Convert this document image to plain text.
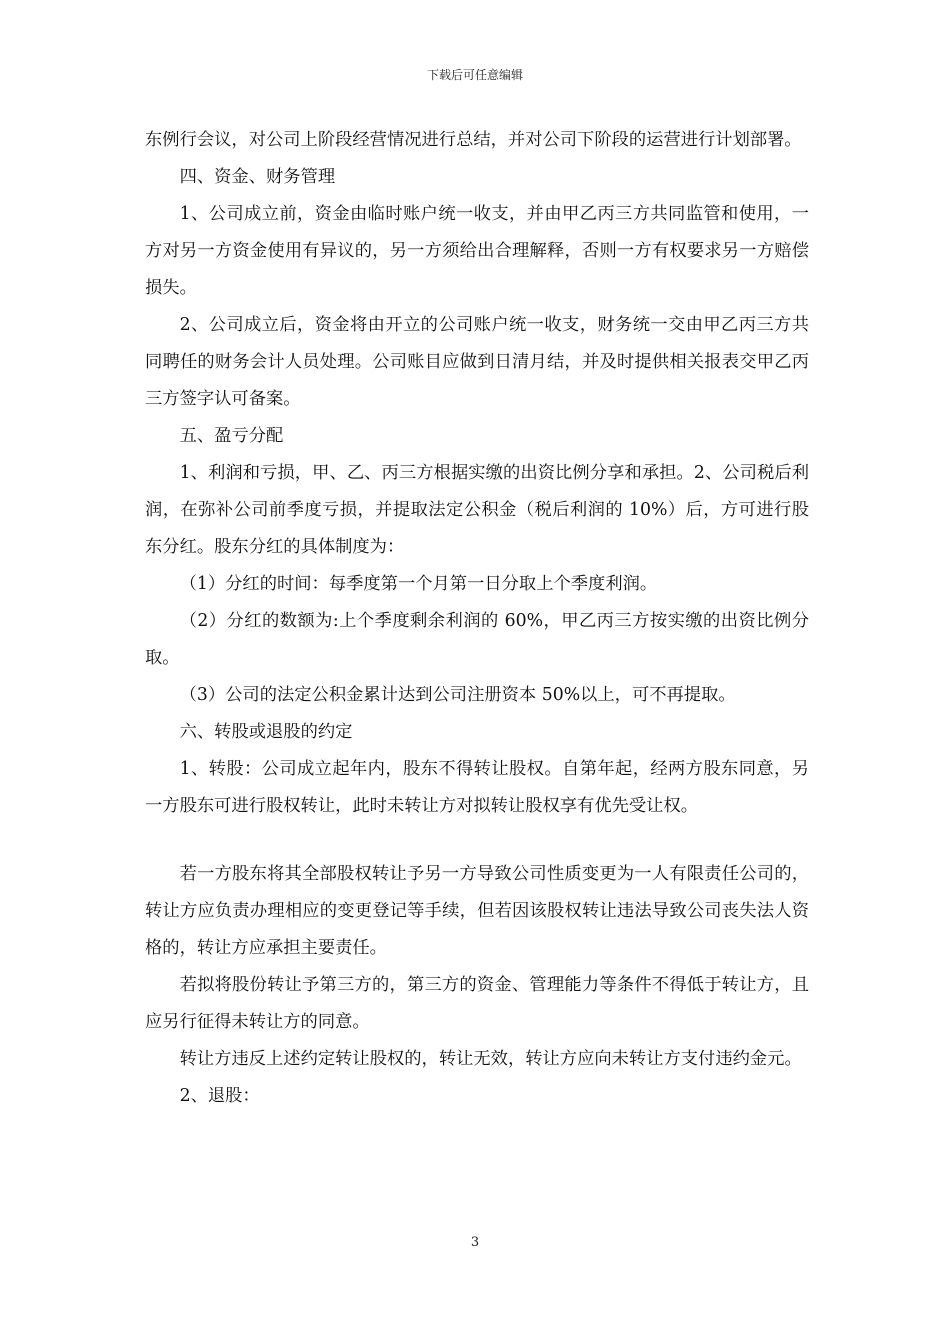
下载后可任意编辑

东例行会议，对公司上阶段经营情况进行总结，并对公司下阶段的运营进行计划部署。

四、资金、财务管理

1、公司成立前，资金由临时账户统一收支，并由甲乙丙三方共同监管和使用，一方对另一方资金使用有异议的，另一方须给出合理解释，否则一方有权要求另一方赔偿损失。

2、公司成立后，资金将由开立的公司账户统一收支，财务统一交由甲乙丙三方共同聘任的财务会计人员处理。公司账目应做到日清月结，并及时提供相关报表交甲乙丙三方签字认可备案。

五、盈亏分配

1、利润和亏损，甲、乙、丙三方根据实缴的出资比例分享和承担。2、公司税后利润，在弥补公司前季度亏损，并提取法定公积金（税后利润的 10%）后，方可进行股东分红。股东分红的具体制度为：

（1）分红的时间：每季度第一个月第一日分取上个季度利润。

（2）分红的数额为:上个季度剩余利润的 60%，甲乙丙三方按实缴的出资比例分取。

（3）公司的法定公积金累计达到公司注册资本 50%以上，可不再提取。

六、转股或退股的约定

1、转股：公司成立起年内，股东不得转让股权。自第年起，经两方股东同意，另一方股东可进行股权转让，此时未转让方对拟转让股权享有优先受让权。

若一方股东将其全部股权转让予另一方导致公司性质变更为一人有限责任公司的，转让方应负责办理相应的变更登记等手续，但若因该股权转让违法导致公司丧失法人资格的，转让方应承担主要责任。

若拟将股份转让予第三方的，第三方的资金、管理能力等条件不得低于转让方，且应另行征得未转让方的同意。

转让方违反上述约定转让股权的，转让无效，转让方应向未转让方支付违约金元。

2、退股：

3
